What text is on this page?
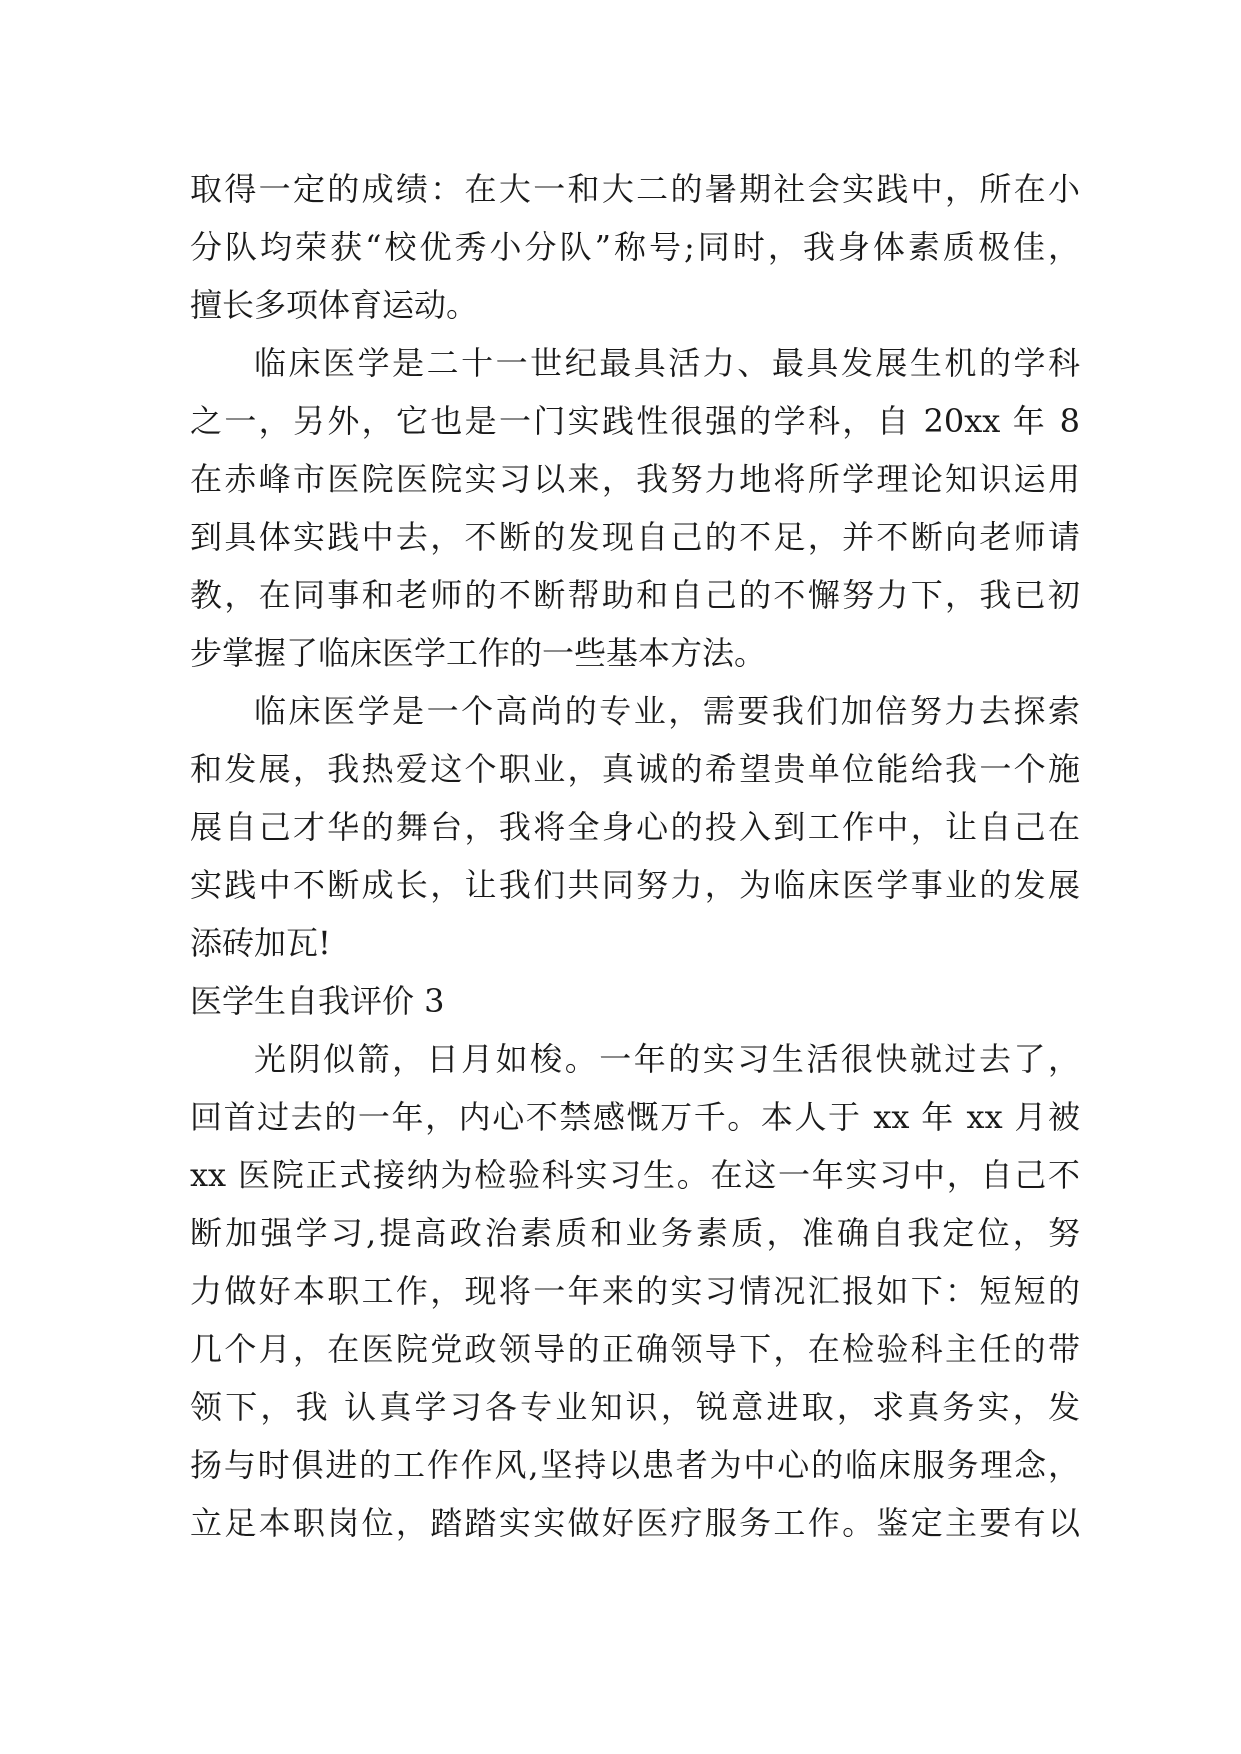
取得一定的成绩：在大一和大二的暑期社会实践中，所在小
分队均荣获“校优秀小分队”称号;同时，我身体素质极佳，
擅长多项体育运动。
临床医学是二十一世纪最具活力、最具发展生机的学科
之一，另外，它也是一门实践性很强的学科，自 20xx 年 8
在赤峰市医院医院实习以来，我努力地将所学理论知识运用
到具体实践中去，不断的发现自己的不足，并不断向老师请
教，在同事和老师的不断帮助和自己的不懈努力下，我已初
步掌握了临床医学工作的一些基本方法。
临床医学是一个高尚的专业，需要我们加倍努力去探索
和发展，我热爱这个职业，真诚的希望贵单位能给我一个施
展自己才华的舞台，我将全身心的投入到工作中，让自己在
实践中不断成长，让我们共同努力，为临床医学事业的发展
添砖加瓦!
医学生自我评价 3
光阴似箭，日月如梭。一年的实习生活很快就过去了，
回首过去的一年，内心不禁感慨万千。本人于 xx 年 xx 月被
xx 医院正式接纳为检验科实习生。在这一年实习中，自己不
断加强学习,提高政治素质和业务素质，准确自我定位，努
力做好本职工作，现将一年来的实习情况汇报如下：短短的
几个月，在医院党政领导的正确领导下，在检验科主任的带
领下，我 认真学习各专业知识，锐意进取，求真务实，发
扬与时俱进的工作作风,坚持以患者为中心的临床服务理念，
立足本职岗位，踏踏实实做好医疗服务工作。鉴定主要有以
